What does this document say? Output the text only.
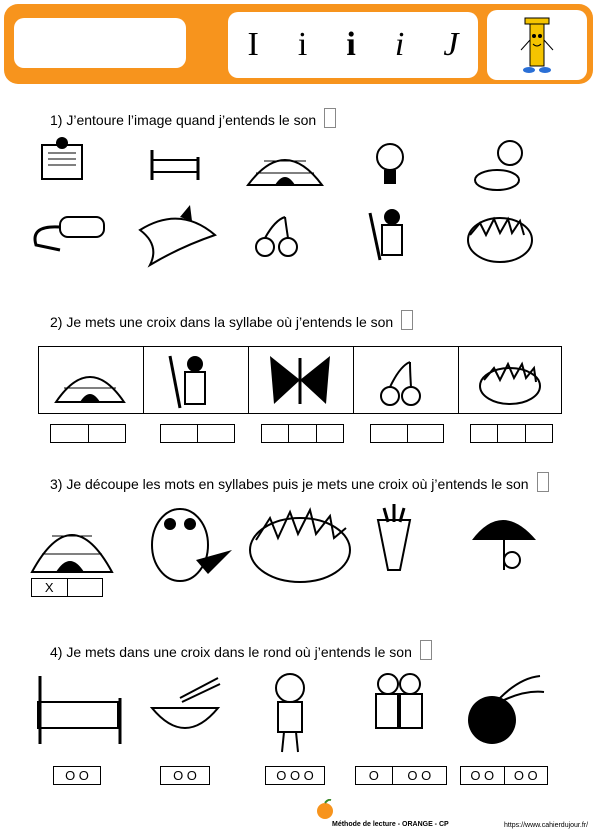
I i i i J
1) J’entoure l’image quand j’entends le son
2) Je mets une croix dans la syllabe où j’entends le son
3) Je découpe les mots en syllabes puis je mets une croix où j’entends le son
X
4) Je mets dans une croix dans le rond où j’entends le son
O O	O O	O O O	O	O O	O O	O O
Méthode de lecture - ORANGE - CP	https://www.cahierdujour.fr/
